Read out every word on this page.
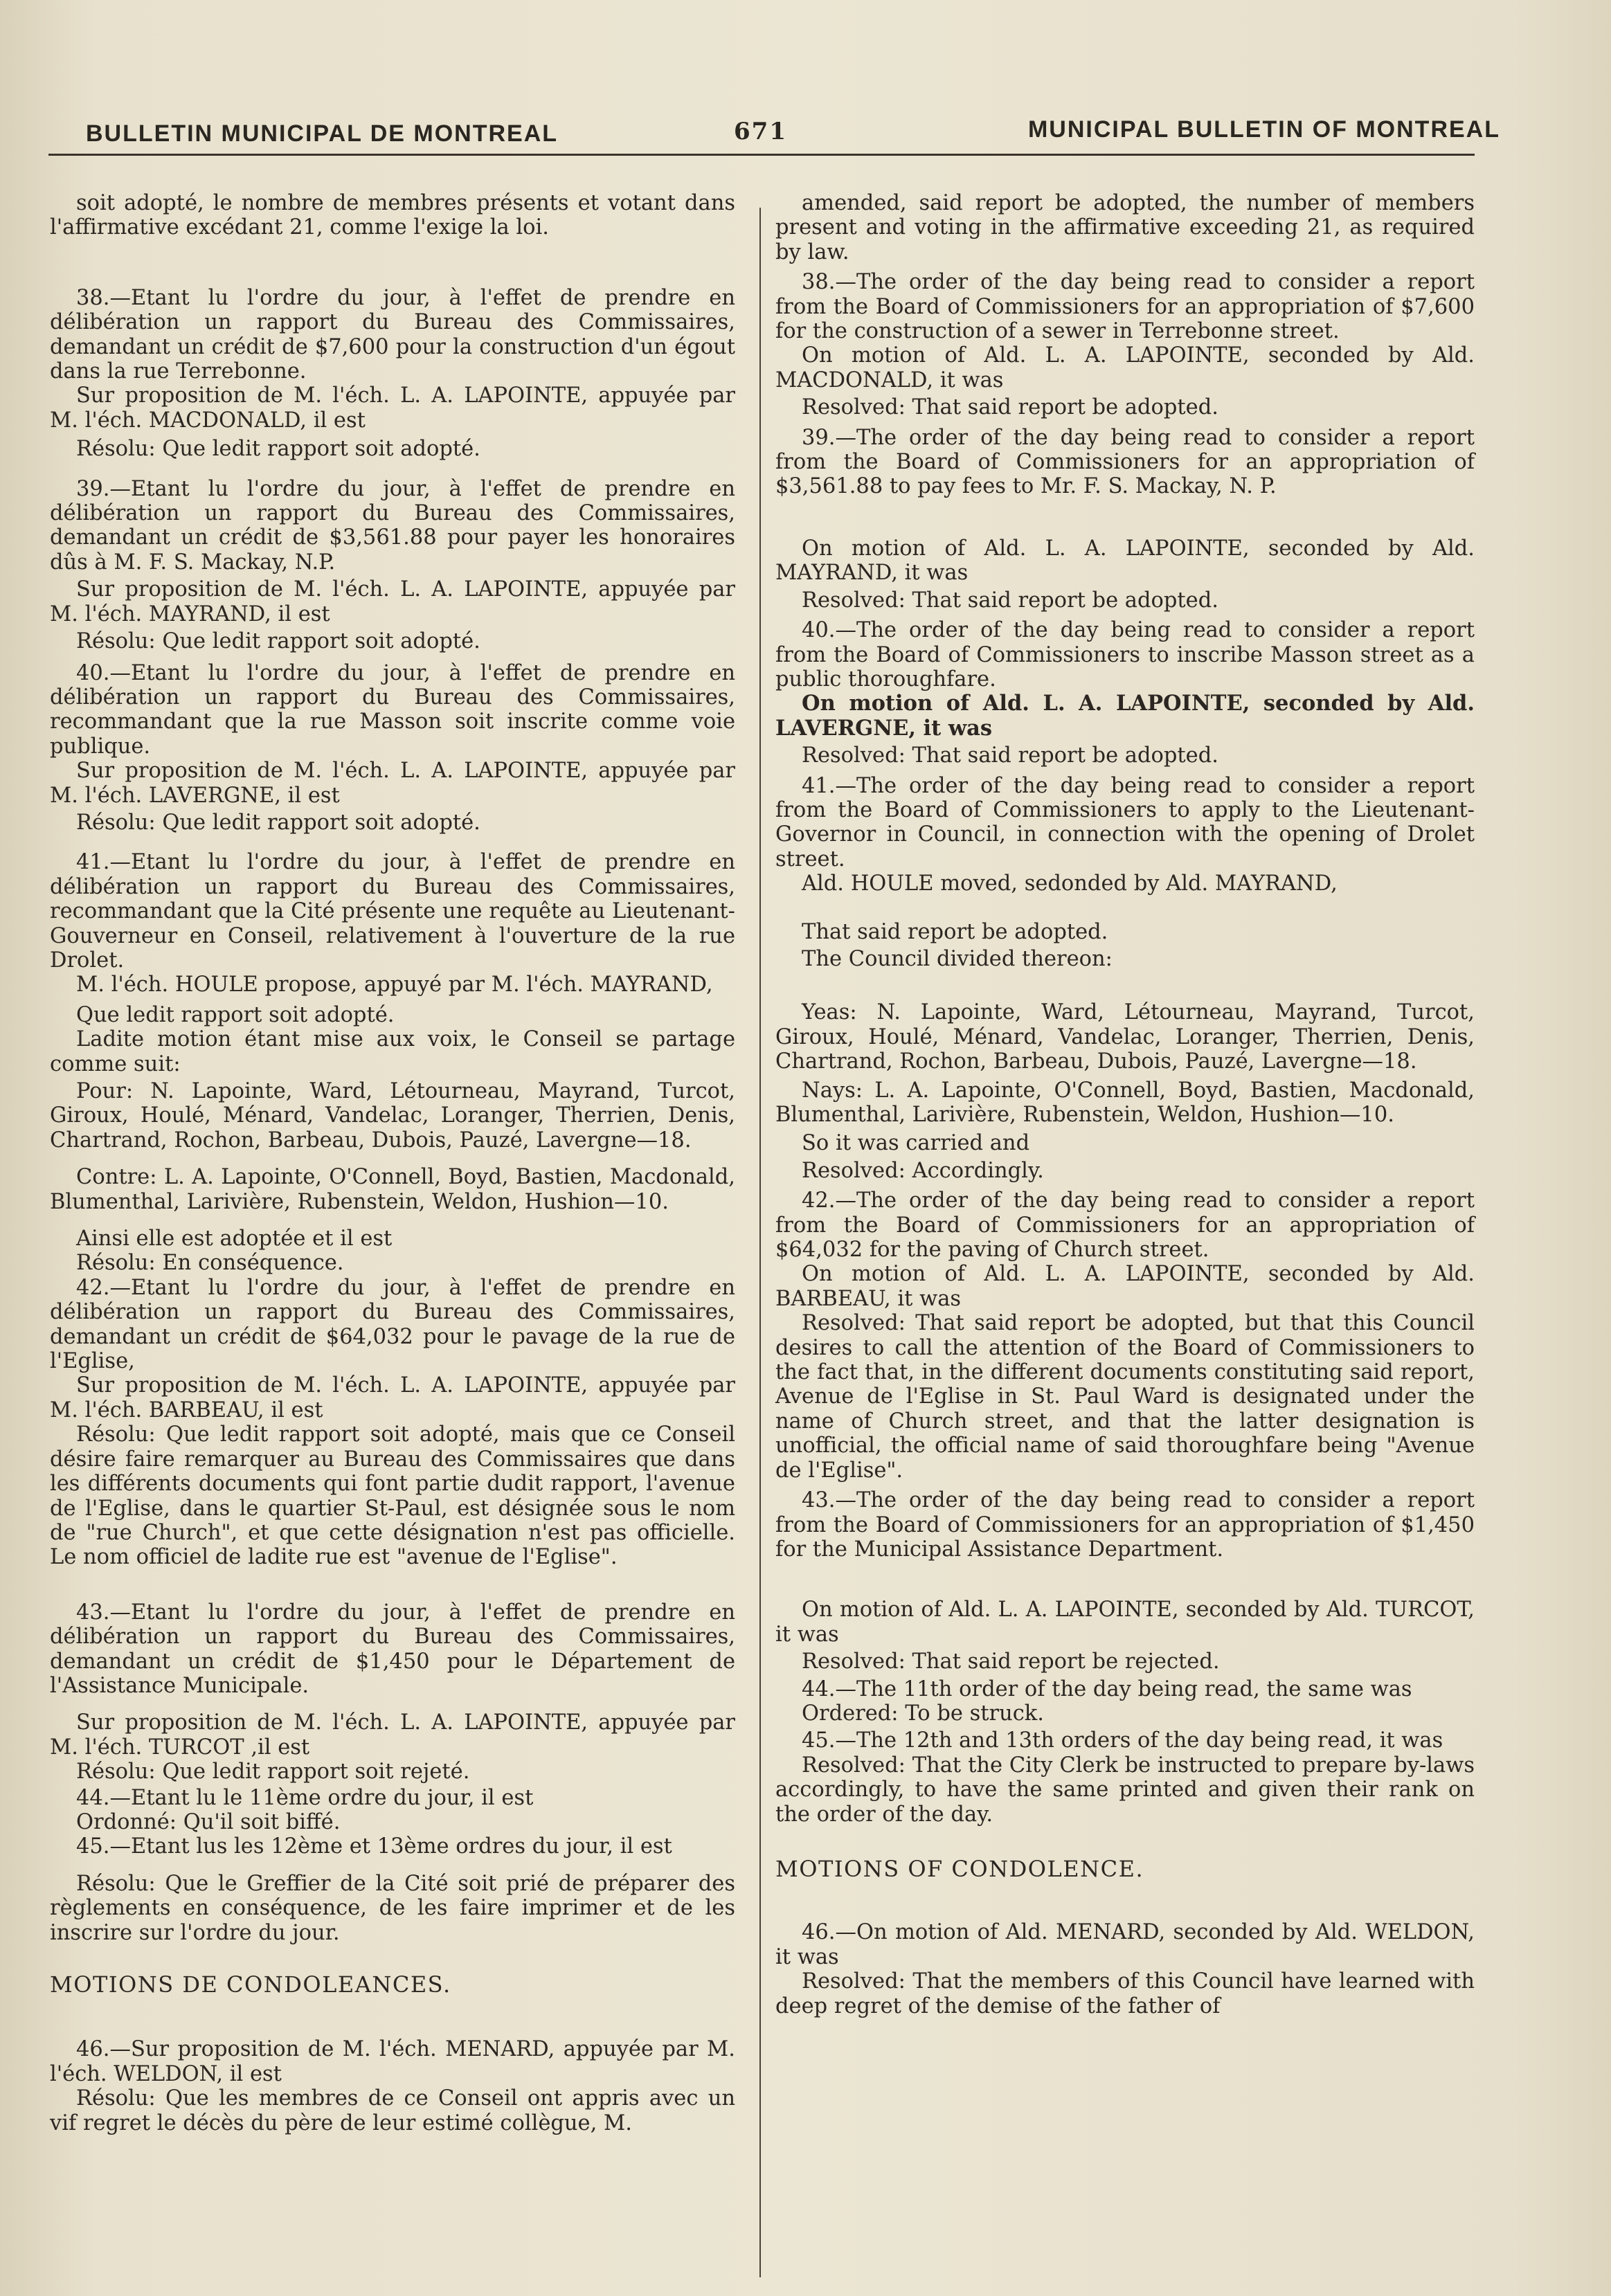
BULLETIN MUNICIPAL DE MONTREAL	671	MUNICIPAL BULLETIN OF MONTREAL

soit adopté, le nombre de membres présents et votant dans l'affirmative excédant 21, comme l'exige la loi.

38.—Etant lu l'ordre du jour, à l'effet de prendre en délibération un rapport du Bureau des Commissaires, demandant un crédit de $7,600 pour la construction d'un égout dans la rue Terrebonne.

Sur proposition de M. l'éch. L. A. LAPOINTE, appuyée par M. l'éch. MACDONALD, il est

Résolu: Que ledit rapport soit adopté.

39.—Etant lu l'ordre du jour, à l'effet de prendre en délibération un rapport du Bureau des Commissaires, demandant un crédit de $3,561.88 pour payer les honoraires dûs à M. F. S. Mackay, N.P.

Sur proposition de M. l'éch. L. A. LAPOINTE, appuyée par M. l'éch. MAYRAND, il est

Résolu: Que ledit rapport soit adopté.

40.—Etant lu l'ordre du jour, à l'effet de prendre en délibération un rapport du Bureau des Commissaires, recommandant que la rue Masson soit inscrite comme voie publique.

Sur proposition de M. l'éch. L. A. LAPOINTE, appuyée par M. l'éch. LAVERGNE, il est

Résolu: Que ledit rapport soit adopté.

41.—Etant lu l'ordre du jour, à l'effet de prendre en délibération un rapport du Bureau des Commissaires, recommandant que la Cité présente une requête au Lieutenant-Gouverneur en Conseil, relativement à l'ouverture de la rue Drolet.

M. l'éch. HOULE propose, appuyé par M. l'éch. MAYRAND,

Que ledit rapport soit adopté.

Ladite motion étant mise aux voix, le Conseil se partage comme suit:

Pour: N. Lapointe, Ward, Létourneau, Mayrand, Turcot, Giroux, Houlé, Ménard, Vandelac, Loranger, Therrien, Denis, Chartrand, Rochon, Barbeau, Dubois, Pauzé, Lavergne—18.

Contre: L. A. Lapointe, O'Connell, Boyd, Bastien, Macdonald, Blumenthal, Larivière, Rubenstein, Weldon, Hushion—10.

Ainsi elle est adoptée et il est

Résolu: En conséquence.

42.—Etant lu l'ordre du jour, à l'effet de prendre en délibération un rapport du Bureau des Commissaires, demandant un crédit de $64,032 pour le pavage de la rue de l'Eglise,

Sur proposition de M. l'éch. L. A. LAPOINTE, appuyée par M. l'éch. BARBEAU, il est

Résolu: Que ledit rapport soit adopté, mais que ce Conseil désire faire remarquer au Bureau des Commissaires que dans les différents documents qui font partie dudit rapport, l'avenue de l'Eglise, dans le quartier St-Paul, est désignée sous le nom de "rue Church", et que cette désignation n'est pas officielle. Le nom officiel de ladite rue est "avenue de l'Eglise".

43.—Etant lu l'ordre du jour, à l'effet de prendre en délibération un rapport du Bureau des Commissaires, demandant un crédit de $1,450 pour le Département de l'Assistance Municipale.

Sur proposition de M. l'éch. L. A. LAPOINTE, appuyée par M. l'éch. TURCOT ,il est

Résolu: Que ledit rapport soit rejeté.

44.—Etant lu le 11ème ordre du jour, il est

Ordonné: Qu'il soit biffé.

45.—Etant lus les 12ème et 13ème ordres du jour, il est

Résolu: Que le Greffier de la Cité soit prié de préparer des règlements en conséquence, de les faire imprimer et de les inscrire sur l'ordre du jour.

MOTIONS DE CONDOLEANCES.

46.—Sur proposition de M. l'éch. MENARD, appuyée par M. l'éch. WELDON, il est

Résolu: Que les membres de ce Conseil ont appris avec un vif regret le décès du père de leur estimé collègue, M.

amended, said report be adopted, the number of members present and voting in the affirmative exceeding 21, as required by law.

38.—The order of the day being read to consider a report from the Board of Commissioners for an appropriation of $7,600 for the construction of a sewer in Terrebonne street.

On motion of Ald. L. A. LAPOINTE, seconded by Ald. MACDONALD, it was

Resolved: That said report be adopted.

39.—The order of the day being read to consider a report from the Board of Commissioners for an appropriation of $3,561.88 to pay fees to Mr. F. S. Mackay, N. P.

On motion of Ald. L. A. LAPOINTE, seconded by Ald. MAYRAND, it was

Resolved: That said report be adopted.

40.—The order of the day being read to consider a report from the Board of Commissioners to inscribe Masson street as a public thoroughfare.

On motion of Ald. L. A. LAPOINTE, seconded by Ald. LAVERGNE, it was

Resolved: That said report be adopted.

41.—The order of the day being read to consider a report from the Board of Commissioners to apply to the Lieutenant-Governor in Council, in connection with the opening of Drolet street.

Ald. HOULE moved, sedonded by Ald. MAYRAND,

That said report be adopted.

The Council divided thereon:

Yeas: N. Lapointe, Ward, Létourneau, Mayrand, Turcot, Giroux, Houlé, Ménard, Vandelac, Loranger, Therrien, Denis, Chartrand, Rochon, Barbeau, Dubois, Pauzé, Lavergne—18.

Nays: L. A. Lapointe, O'Connell, Boyd, Bastien, Macdonald, Blumenthal, Larivière, Rubenstein, Weldon, Hushion—10.

So it was carried and

Resolved: Accordingly.

42.—The order of the day being read to consider a report from the Board of Commissioners for an appropriation of $64,032 for the paving of Church street.

On motion of Ald. L. A. LAPOINTE, seconded by Ald. BARBEAU, it was

Resolved: That said report be adopted, but that this Council desires to call the attention of the Board of Commissioners to the fact that, in the different documents constituting said report, Avenue de l'Eglise in St. Paul Ward is designated under the name of Church street, and that the latter designation is unofficial, the official name of said thoroughfare being "Avenue de l'Eglise".

43.—The order of the day being read to consider a report from the Board of Commissioners for an appropriation of $1,450 for the Municipal Assistance Department.

On motion of Ald. L. A. LAPOINTE, seconded by Ald. TURCOT, it was

Resolved: That said report be rejected.

44.—The 11th order of the day being read, the same was

Ordered: To be struck.

45.—The 12th and 13th orders of the day being read, it was

Resolved: That the City Clerk be instructed to prepare by-laws accordingly, to have the same printed and given their rank on the order of the day.

MOTIONS OF CONDOLENCE.

46.—On motion of Ald. MENARD, seconded by Ald. WELDON, it was

Resolved: That the members of this Council have learned with deep regret of the demise of the father of
